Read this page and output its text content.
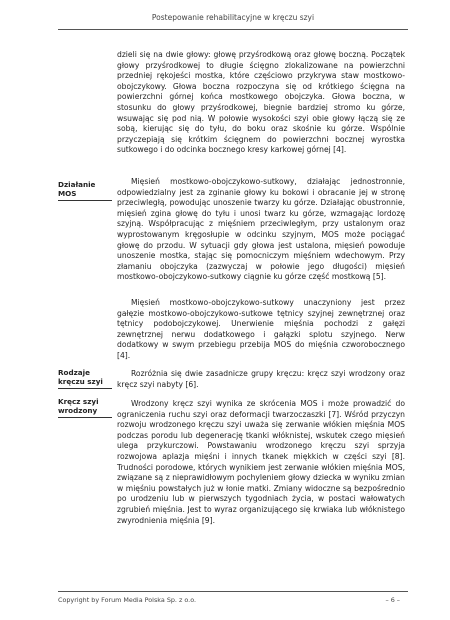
Postepowanie rehabilitacyjne w kręczu szyi

dzieli się na dwie głowy: głowę przyśrodkową oraz głowę boczną. Początek głowy przyśrodkowej to długie ścięgno zlokalizowane na powierzchni przedniej rękojeści mostka, które częściowo przykrywa staw mostkowo-obojczykowy. Głowa boczna rozpoczyna się od krótkiego ścięgna na powierzchni górnej końca mostkowego obojczyka. Głowa boczna, w stosunku do głowy przyśrodkowej, biegnie bardziej stromo ku górze, wsuwając się pod nią. W połowie wysokości szyi obie głowy łączą się ze sobą, kierując się do tyłu, do boku oraz skośnie ku górze. Wspólnie przyczepiają się krótkim ścięgnem do powierzchni bocznej wyrostka sutkowego i do odcinka bocznego kresy karkowej górnej [4].

Działanie MOS

Mięsień mostkowo-obojczykowo-sutkowy, działając jednostronnie, odpowiedzialny jest za zginanie głowy ku bokowi i obracanie jej w stronę przeciwległą, powodując unoszenie twarzy ku górze. Działając obustronnie, mięsień zgina głowę do tyłu i unosi twarz ku górze, wzmagając lordozę szyjną. Współpracując z mięśniem przeciwległym, przy ustalonym oraz wyprostowanym kręgosłupie w odcinku szyjnym, MOS może pociągać głowę do przodu. W sytuacji gdy głowa jest ustalona, mięsień powoduje unoszenie mostka, stając się pomocniczym mięśniem wdechowym. Przy złamaniu obojczyka (zazwyczaj w połowie jego długości) mięsień mostkowo-obojczykowo-sutkowy ciągnie ku górze część mostkową [5].

Mięsień mostkowo-obojczykowo-sutkowy unaczyniony jest przez gałęzie mostkowo-obojczykowo-sutkowe tętnicy szyjnej zewnętrznej oraz tętnicy podobojczykowej. Unerwienie mięśnia pochodzi z gałęzi zewnętrznej nerwu dodatkowego i gałązki splotu szyjnego. Nerw dodatkowy w swym przebiegu przebija MOS do mięśnia czworobocznego [4].

Rodzaje kręczu szyi

Rozróżnia się dwie zasadnicze grupy kręczu: kręcz szyi wrodzony oraz kręcz szyi nabyty [6].

Kręcz szyi wrodzony

Wrodzony kręcz szyi wynika ze skrócenia MOS i może prowadzić do ograniczenia ruchu szyi oraz deformacji twarzoczaszki [7]. Wśród przyczyn rozwoju wrodzonego kręczu szyi uważa się zerwanie włókien mięśnia MOS podczas porodu lub degenerację tkanki włóknistej, wskutek czego mięsień ulega przykurczowi. Powstawaniu wrodzonego kręczu szyi sprzyja rozwojowa aplazja mięśni i innych tkanek miękkich w części szyi [8]. Trudności porodowe, których wynikiem jest zerwanie włókien mięśnia MOS, związane są z nieprawidłowym pochyleniem głowy dziecka w wyniku zmian w mięśniu powstałych już w łonie matki. Zmiany widoczne są bezpośrednio po urodzeniu lub w pierwszych tygodniach życia, w postaci wałowatych zgrubień mięśnia. Jest to wyraz organizującego się krwiaka lub włóknistego zwyrodnienia mięśnia [9].

Copyright by Forum Media Polska Sp. z o.o.	– 6 –
